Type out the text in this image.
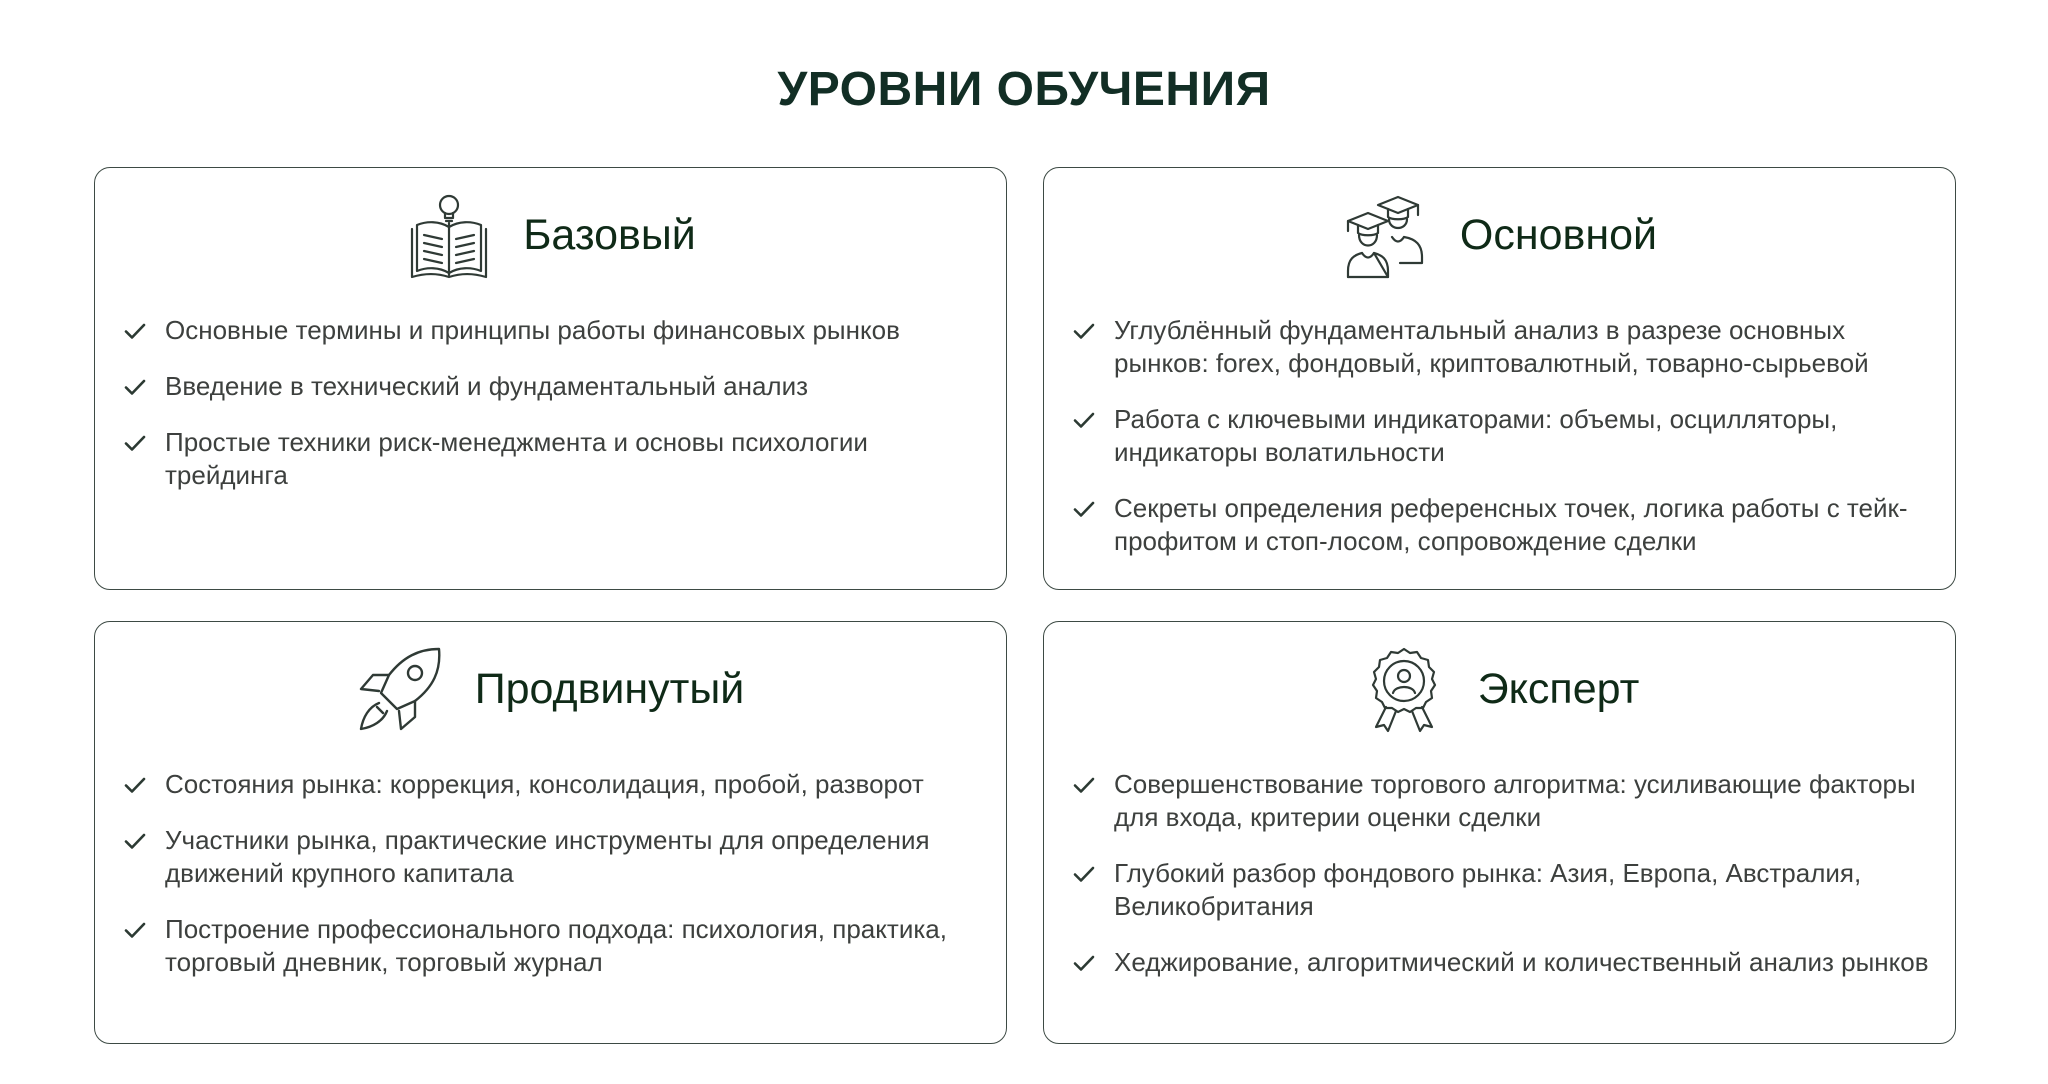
УРОВНИ ОБУЧЕНИЯ
Базовый
Основные термины и принципы работы финансовых рынков
Введение в технический и фундаментальный анализ
Простые техники риск-менеджмента и основы психологии трейдинга
Основной
Углублённый фундаментальный анализ в разрезе основных рынков: forex, фондовый, криптовалютный, товарно-сырьевой
Работа с ключевыми индикаторами: объемы, осцилляторы, индикаторы волатильности
Секреты определения референсных точек, логика работы с тейк-профитом и стоп-лосом, сопровождение сделки
Продвинутый
Состояния рынка: коррекция, консолидация, пробой, разворот
Участники рынка, практические инструменты для определения движений крупного капитала
Построение профессионального подхода: психология, практика, торговый дневник, торговый журнал
Эксперт
Совершенствование торгового алгоритма: усиливающие факторы для входа, критерии оценки сделки
Глубокий разбор фондового рынка: Азия, Европа, Австралия, Великобритания
Хеджирование, алгоритмический и количественный анализ рынков
